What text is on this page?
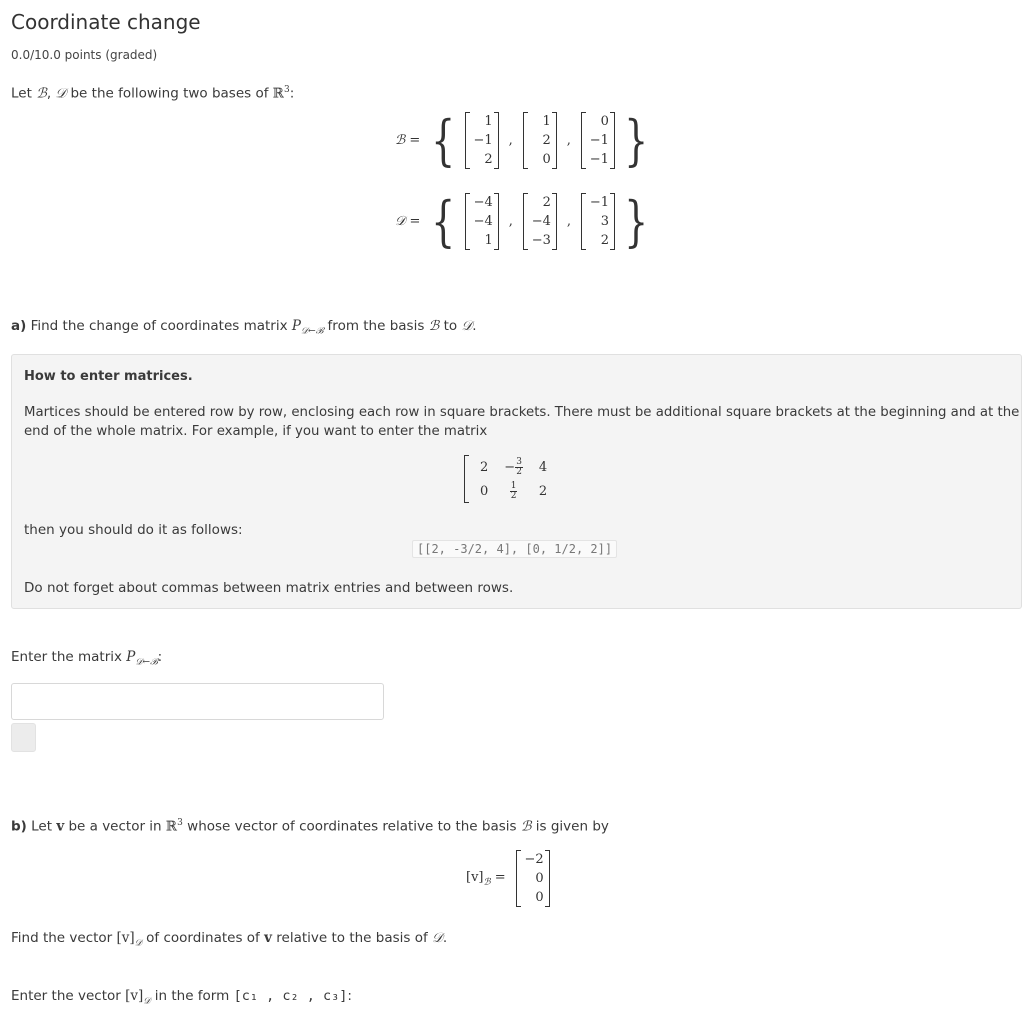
Coordinate change
0.0/10.0 points (graded)
Let ℬ, 𝒟 be the following two bases of ℝ$^3$:
ℬ = { 1
−1
2
,
1
2
0
,
0
−1
−1 }
𝒟 = { −4
−4
1
,
2
−4
−3
,
−1
3
2 }
a) Find the change of coordinates matrix $P_{𝒟\leftarrow ℬ}$ from the basis ℬ to 𝒟.
How to enter matrices.
Martices should be entered row by row, enclosing each row in square brackets. There must be additional square brackets at the beginning and at the
end of the whole matrix. For example, if you want to enter the matrix
2
0
− $\frac{3}{2}$
$\frac{1}{2}$
4
2
then you should do it as follows:
Do not forget about commas between matrix entries and between rows.
[[2, -3/2, 4], [0, 1/2, 2]]
Enter the matrix $P_{𝒟\leftarrow ℬ}$:
b) Let v be a vector in ℝ$^3$ whose vector of coordinates relative to the basis ℬ is given by
$[v]_ℬ$ =
−2
0
0
Find the vector $[v]_𝒟$ of coordinates of v relative to the basis of 𝒟.
Enter the vector $[v]_𝒟$ in the form [c₁ , c₂ , c₃]:
